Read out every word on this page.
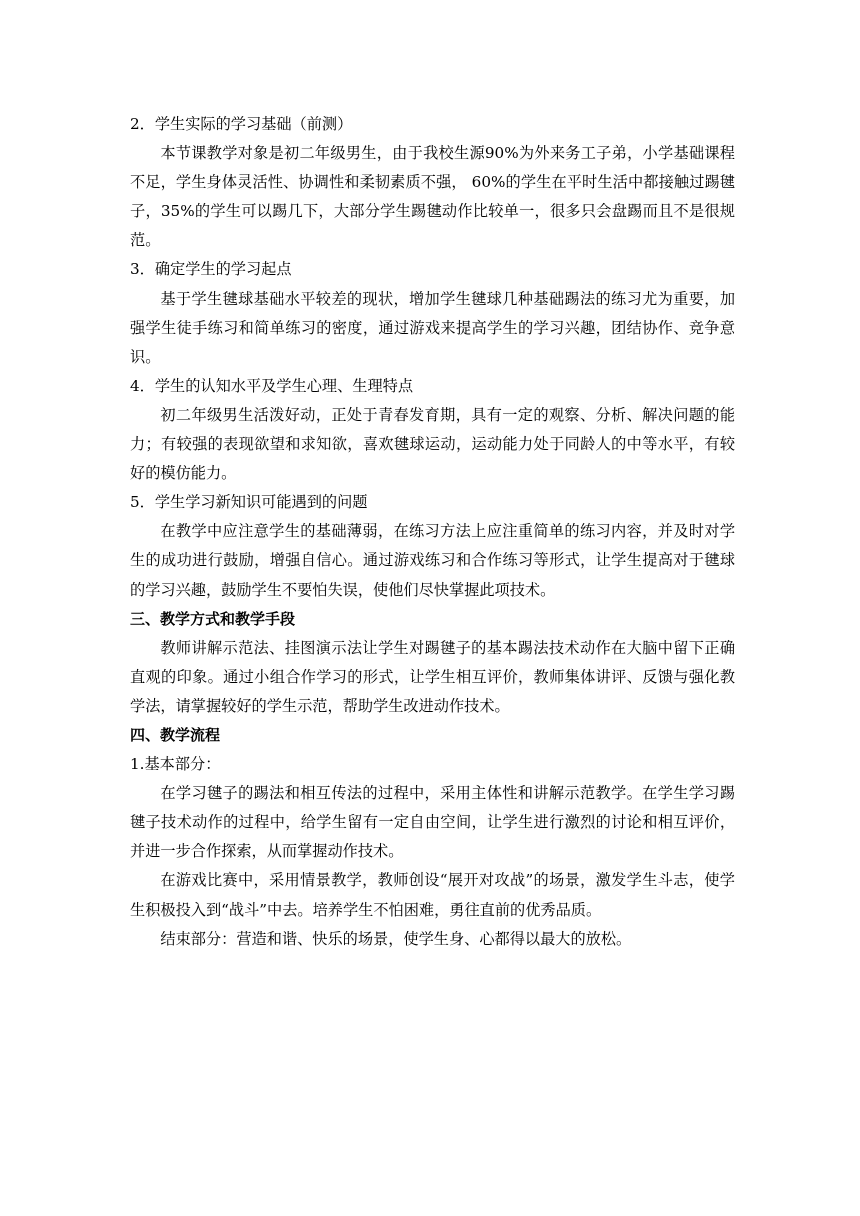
2．学生实际的学习基础（前测）

本节课教学对象是初二年级男生，由于我校生源90%为外来务工子弟，小学基础课程不足，学生身体灵活性、协调性和柔韧素质不强， 60%的学生在平时生活中都接触过踢毽子，35%的学生可以踢几下，大部分学生踢毽动作比较单一，很多只会盘踢而且不是很规范。

3．确定学生的学习起点

基于学生毽球基础水平较差的现状，增加学生毽球几种基础踢法的练习尤为重要，加强学生徒手练习和简单练习的密度，通过游戏来提高学生的学习兴趣，团结协作、竞争意识。

4．学生的认知水平及学生心理、生理特点

初二年级男生活泼好动，正处于青春发育期，具有一定的观察、分析、解决问题的能力；有较强的表现欲望和求知欲，喜欢毽球运动，运动能力处于同龄人的中等水平，有较好的模仿能力。

5．学生学习新知识可能遇到的问题

在教学中应注意学生的基础薄弱，在练习方法上应注重简单的练习内容，并及时对学生的成功进行鼓励，增强自信心。通过游戏练习和合作练习等形式，让学生提高对于毽球的学习兴趣，鼓励学生不要怕失误，使他们尽快掌握此项技术。

三、教学方式和教学手段

教师讲解示范法、挂图演示法让学生对踢毽子的基本踢法技术动作在大脑中留下正确直观的印象。通过小组合作学习的形式，让学生相互评价，教师集体讲评、反馈与强化教学法，请掌握较好的学生示范，帮助学生改进动作技术。

四、教学流程

1.基本部分：

在学习毽子的踢法和相互传法的过程中，采用主体性和讲解示范教学。在学生学习踢毽子技术动作的过程中，给学生留有一定自由空间，让学生进行激烈的讨论和相互评价，并进一步合作探索，从而掌握动作技术。

在游戏比赛中，采用情景教学，教师创设“展开对攻战”的场景，激发学生斗志，使学生积极投入到“战斗”中去。培养学生不怕困难，勇往直前的优秀品质。

结束部分：营造和谐、快乐的场景，使学生身、心都得以最大的放松。
